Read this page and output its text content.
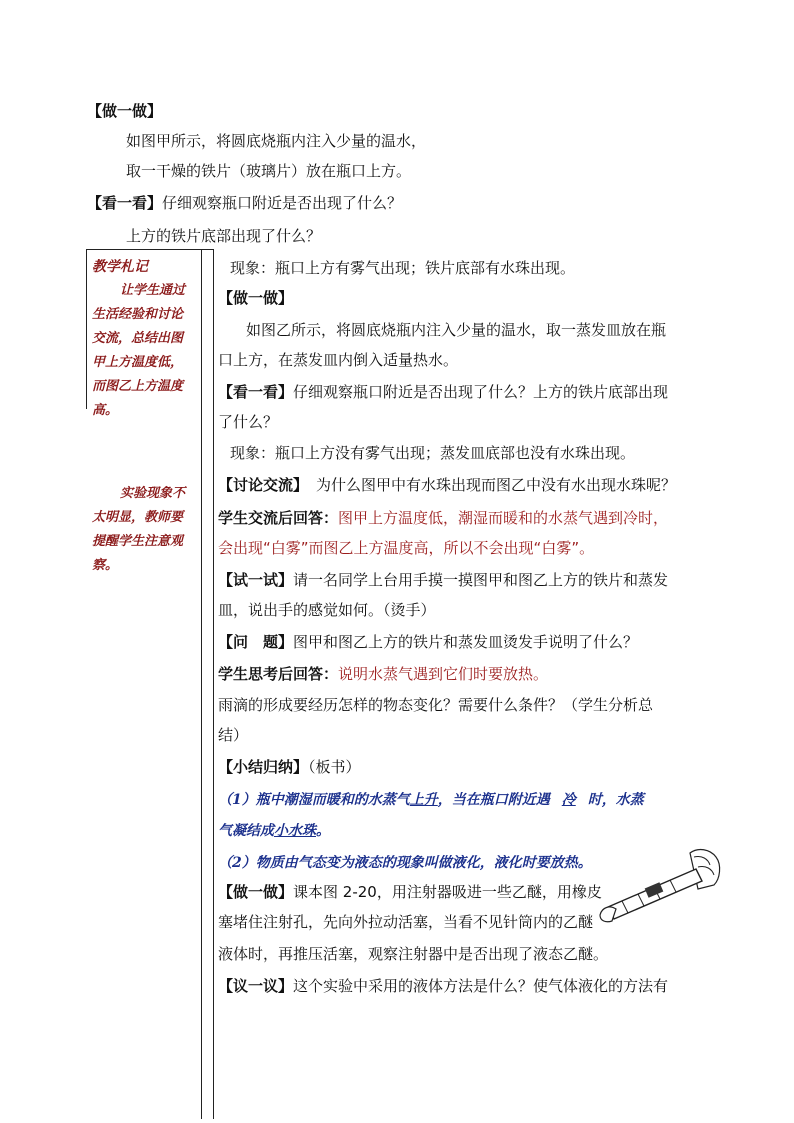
【做一做】
如图甲所示，将圆底烧瓶内注入少量的温水，
取一干燥的铁片（玻璃片）放在瓶口上方。
【看一看】仔细观察瓶口附近是否出现了什么？
上方的铁片底部出现了什么？
教学札记
让学生通过生活经验和讨论交流，总结出图甲上方温度低，而图乙上方温度高。
实验现象不太明显，教师要提醒学生注意观察。
现象：瓶口上方有雾气出现；铁片底部有水珠出现。
【做一做】
如图乙所示，将圆底烧瓶内注入少量的温水，取一蒸发皿放在瓶
口上方，在蒸发皿内倒入适量热水。
【看一看】仔细观察瓶口附近是否出现了什么？上方的铁片底部出现
了什么？
现象：瓶口上方没有雾气出现；蒸发皿底部也没有水珠出现。
【讨论交流】 为什么图甲中有水珠出现而图乙中没有水出现水珠呢？
学生交流后回答：图甲上方温度低，潮湿而暖和的水蒸气遇到冷时，
会出现“白雾”而图乙上方温度高，所以不会出现“白雾”。
【试一试】请一名同学上台用手摸一摸图甲和图乙上方的铁片和蒸发
皿，说出手的感觉如何。（烫手）
【问　题】图甲和图乙上方的铁片和蒸发皿烫发手说明了什么？
学生思考后回答：说明水蒸气遇到它们时要放热。
雨滴的形成要经历怎样的物态变化？需要什么条件？（学生分析总
结）
【小结归纳】（板书）
（1）瓶中潮湿而暖和的水蒸气上升，当在瓶口附近遇 冷 时，水蒸
气凝结成小水珠。
（2）物质由气态变为液态的现象叫做液化，液化时要放热。
【做一做】课本图 2-20，用注射器吸进一些乙醚，用橡皮
塞堵住注射孔，先向外拉动活塞，当看不见针筒内的乙醚
液体时，再推压活塞，观察注射器中是否出现了液态乙醚。
【议一议】这个实验中采用的液体方法是什么？使气体液化的方法有
